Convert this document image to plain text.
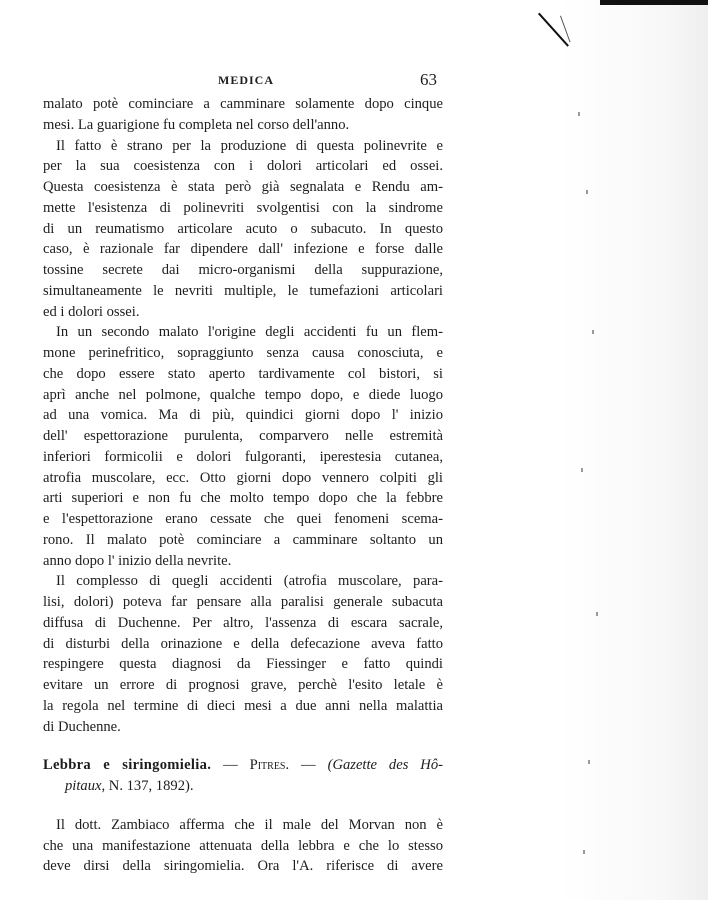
MEDICA	63
malato potè cominciare a camminare solamente dopo cinque
mesi. La guarigione fu completa nel corso dell'anno.
Il fatto è strano per la produzione di questa polinevrite e
per la sua coesistenza con i dolori articolari ed ossei.
Questa coesistenza è stata però già segnalata e Rendu am-
mette l'esistenza di polinevriti svolgentisi con la sindrome
di un reumatismo articolare acuto o subacuto. In questo
caso, è razionale far dipendere dall' infezione e forse dalle
tossine secrete dai micro-organismi della suppurazione,
simultaneamente le nevriti multiple, le tumefazioni articolari
ed i dolori ossei.
In un secondo malato l'origine degli accidenti fu un flem-
mone perinefritico, sopraggiunto senza causa conosciuta, e
che dopo essere stato aperto tardivamente col bistori, si
aprì anche nel polmone, qualche tempo dopo, e diede luogo
ad una vomica. Ma di più, quindici giorni dopo l' inizio
dell' espettorazione purulenta, comparvero nelle estremità
inferiori formicolii e dolori fulgoranti, iperestesia cutanea,
atrofia muscolare, ecc. Otto giorni dopo vennero colpiti gli
arti superiori e non fu che molto tempo dopo che la febbre
e l'espettorazione erano cessate che quei fenomeni scema-
rono. Il malato potè cominciare a camminare soltanto un
anno dopo l' inizio della nevrite.
Il complesso di quegli accidenti (atrofia muscolare, para-
lisi, dolori) poteva far pensare alla paralisi generale subacuta
diffusa di Duchenne. Per altro, l'assenza di escara sacrale,
di disturbi della orinazione e della defecazione aveva fatto
respingere questa diagnosi da Fiessinger e fatto quindi
evitare un errore di prognosi grave, perchè l'esito letale è
la regola nel termine di dieci mesi a due anni nella malattia
di Duchenne.
Lebbra e siringomielia. — Pitres. — (Gazette des Hô-
pitaux, N. 137, 1892).
Il dott. Zambiaco afferma che il male del Morvan non è
che una manifestazione attenuata della lebbra e che lo stesso
deve dirsi della siringomielia. Ora l'A. riferisce di avere
